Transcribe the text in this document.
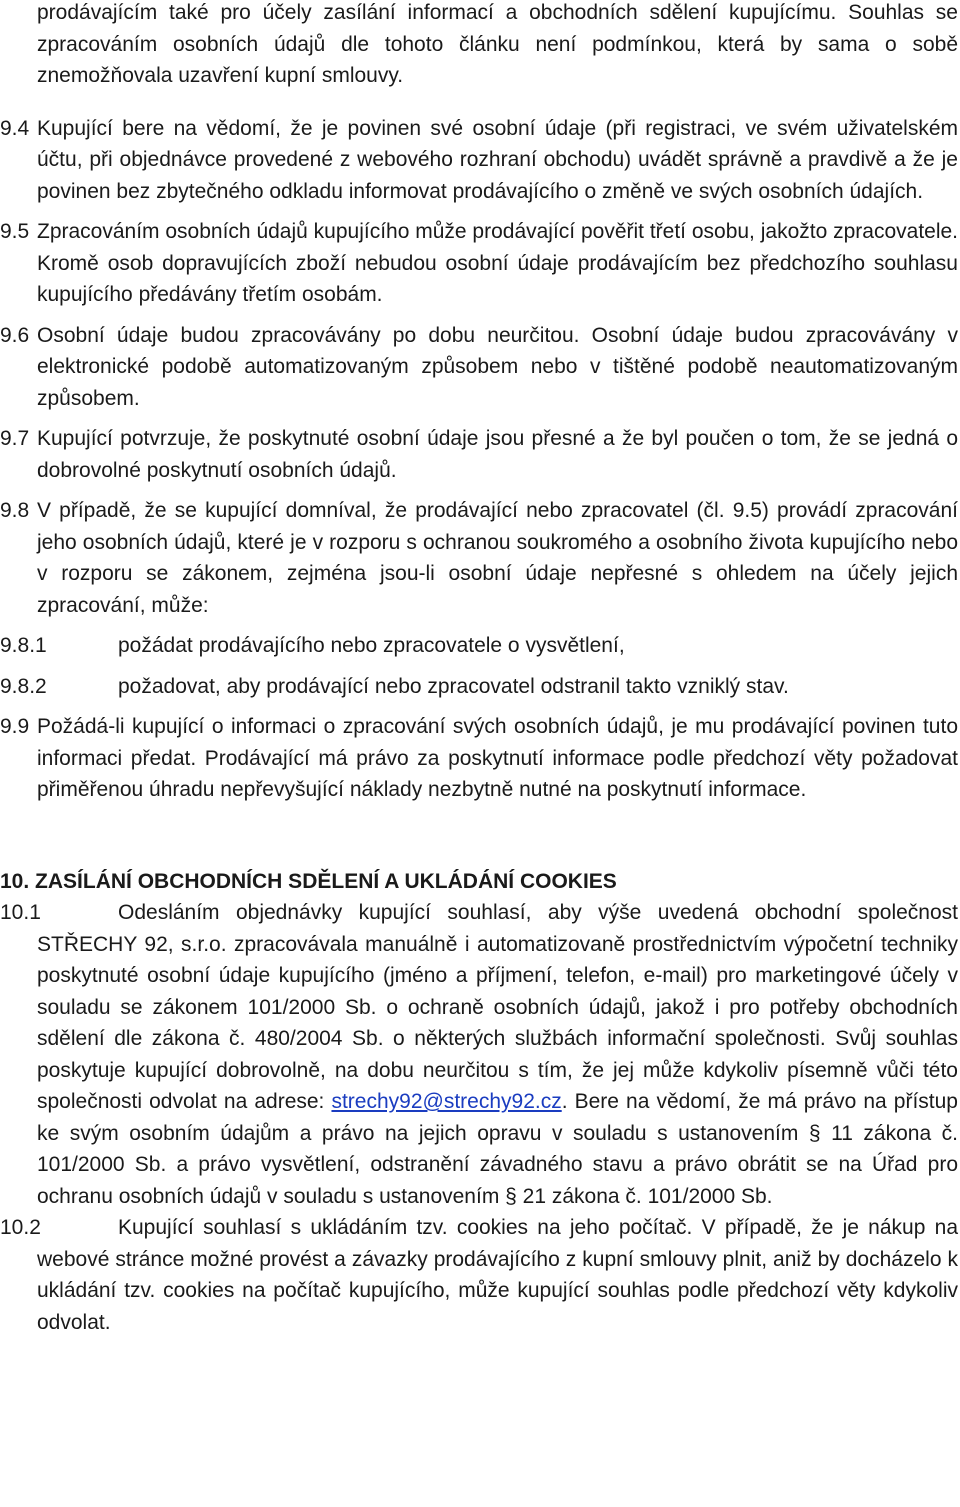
prodávajícím také pro účely zasílání informací a obchodních sdělení kupujícímu. Souhlas se zpracováním osobních údajů dle tohoto článku není podmínkou, která by sama o sobě znemožňovala uzavření kupní smlouvy.
9.4 Kupující bere na vědomí, že je povinen své osobní údaje (při registraci, ve svém uživatelském účtu, při objednávce provedené z webového rozhraní obchodu) uvádět správně a pravdivě a že je povinen bez zbytečného odkladu informovat prodávajícího o změně ve svých osobních údajích.
9.5 Zpracováním osobních údajů kupujícího může prodávající pověřit třetí osobu, jakožto zpracovatele. Kromě osob dopravujících zboží nebudou osobní údaje prodávajícím bez předchozího souhlasu kupujícího předávány třetím osobám.
9.6 Osobní údaje budou zpracovávány po dobu neurčitou. Osobní údaje budou zpracovávány v elektronické podobě automatizovaným způsobem nebo v tištěné podobě neautomatizovaným způsobem.
9.7 Kupující potvrzuje, že poskytnuté osobní údaje jsou přesné a že byl poučen o tom, že se jedná o dobrovolné poskytnutí osobních údajů.
9.8 V případě, že se kupující domníval, že prodávající nebo zpracovatel (čl. 9.5) provádí zpracování jeho osobních údajů, které je v rozporu s ochranou soukromého a osobního života kupujícího nebo v rozporu se zákonem, zejména jsou-li osobní údaje nepřesné s ohledem na účely jejich zpracování, může:
9.8.1	požádat prodávajícího nebo zpracovatele o vysvětlení,
9.8.2	požadovat, aby prodávající nebo zpracovatel odstranil takto vzniklý stav.
9.9 Požádá-li kupující o informaci o zpracování svých osobních údajů, je mu prodávající povinen tuto informaci předat. Prodávající má právo za poskytnutí informace podle předchozí věty požadovat přiměřenou úhradu nepřevyšující náklady nezbytně nutné na poskytnutí informace.
10. ZASÍLÁNÍ OBCHODNÍCH SDĚLENÍ A UKLÁDÁNÍ COOKIES
10.1	Odesláním objednávky kupující souhlasí, aby výše uvedená obchodní společnost STŘECHY 92, s.r.o. zpracovávala manuálně i automatizovaně prostřednictvím výpočetní techniky poskytnuté osobní údaje kupujícího (jméno a příjmení, telefon, e-mail) pro marketingové účely v souladu se zákonem 101/2000 Sb. o ochraně osobních údajů, jakož i pro potřeby obchodních sdělení dle zákona č. 480/2004 Sb. o některých službách informační společnosti. Svůj souhlas poskytuje kupující dobrovolně, na dobu neurčitou s tím, že jej může kdykoliv písemně vůči této společnosti odvolat na adrese: strechy92@strechy92.cz. Bere na vědomí, že má právo na přístup ke svým osobním údajům a právo na jejich opravu v souladu s ustanovením § 11 zákona č. 101/2000 Sb. a právo vysvětlení, odstranění závadného stavu a právo obrátit se na Úřad pro ochranu osobních údajů v souladu s ustanovením § 21 zákona č. 101/2000 Sb.
10.2	Kupující souhlasí s ukládáním tzv. cookies na jeho počítač. V případě, že je nákup na webové stránce možné provést a závazky prodávajícího z kupní smlouvy plnit, aniž by docházelo k ukládání tzv. cookies na počítač kupujícího, může kupující souhlas podle předchozí věty kdykoliv odvolat.
